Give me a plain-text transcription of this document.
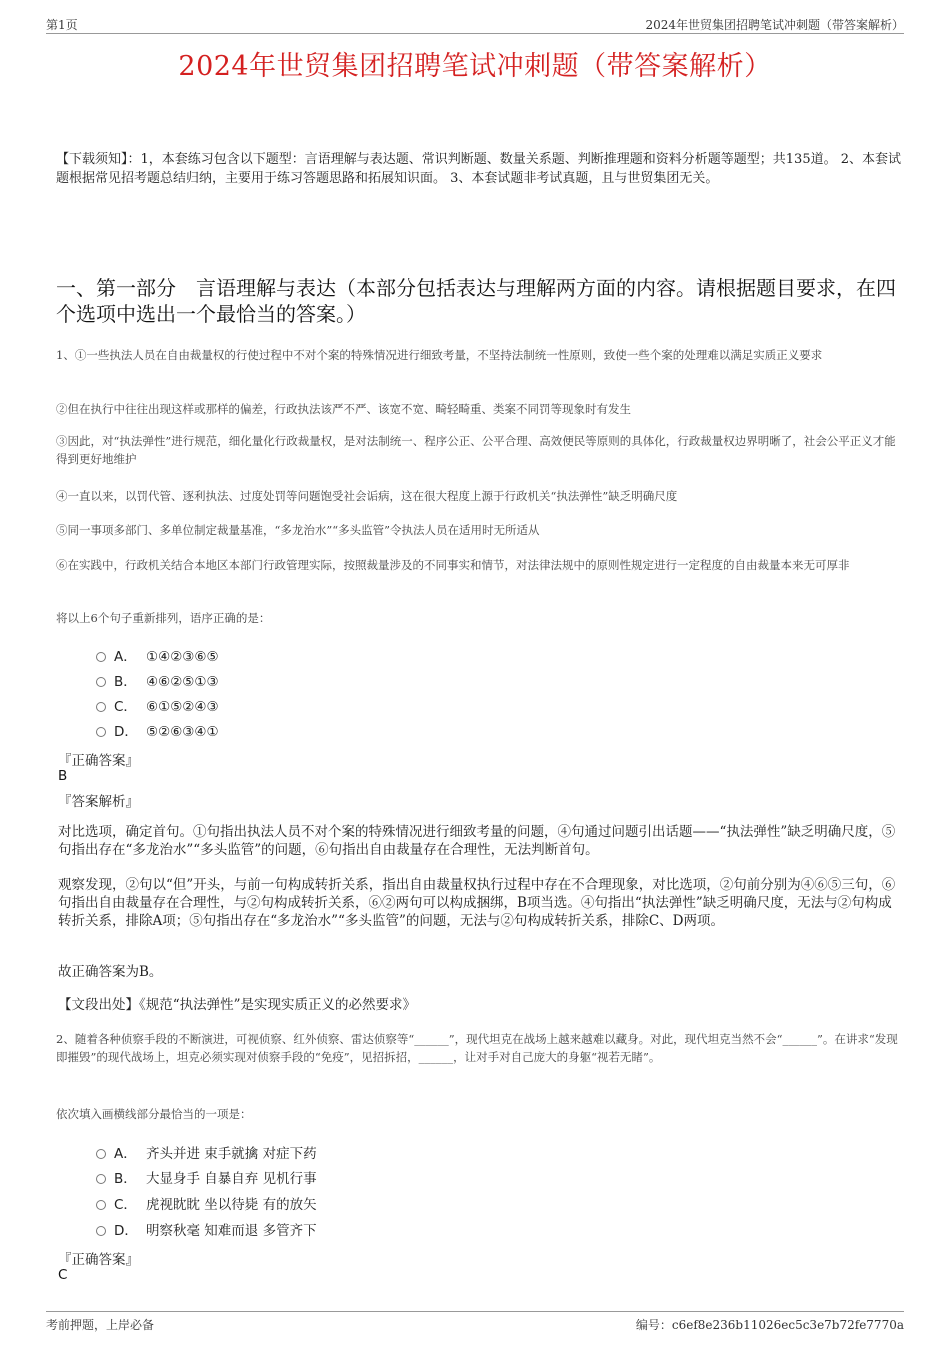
第1页	2024年世贸集团招聘笔试冲刺题（带答案解析）
2024年世贸集团招聘笔试冲刺题（带答案解析）
【下载须知】：1，本套练习包含以下题型：言语理解与表达题、常识判断题、数量关系题、判断推理题和资料分析题等题型；共135道。 2、本套试题根据常见招考题总结归纳，主要用于练习答题思路和拓展知识面。 3、本套试题非考试真题，且与世贸集团无关。
一、第一部分　言语理解与表达（本部分包括表达与理解两方面的内容。请根据题目要求，在四个选项中选出一个最恰当的答案。）
1、①一些执法人员在自由裁量权的行使过程中不对个案的特殊情况进行细致考量，不坚持法制统一性原则，致使一些个案的处理难以满足实质正义要求
②但在执行中往往出现这样或那样的偏差，行政执法该严不严、该宽不宽、畸轻畸重、类案不同罚等现象时有发生
③因此，对“执法弹性”进行规范，细化量化行政裁量权，是对法制统一、程序公正、公平合理、高效便民等原则的具体化，行政裁量权边界明晰了，社会公平正义才能得到更好地维护
④一直以来，以罚代管、逐利执法、过度处罚等问题饱受社会诟病，这在很大程度上源于行政机关“执法弹性”缺乏明确尺度
⑤同一事项多部门、多单位制定裁量基准，“多龙治水”“多头监管”令执法人员在适用时无所适从
⑥在实践中，行政机关结合本地区本部门行政管理实际，按照裁量涉及的不同事实和情节，对法律法规中的原则性规定进行一定程度的自由裁量本来无可厚非
将以上6个句子重新排列，语序正确的是：
A． ①④②③⑥⑤
B． ④⑥②⑤①③
C． ⑥①⑤②④③
D． ⑤②⑥③④①
『正确答案』
B
『答案解析』
对比选项，确定首句。①句指出执法人员不对个案的特殊情况进行细致考量的问题，④句通过问题引出话题——“执法弹性”缺乏明确尺度，⑤句指出存在“多龙治水”“多头监管”的问题，⑥句指出自由裁量存在合理性，无法判断首句。
观察发现，②句以“但”开头，与前一句构成转折关系，指出自由裁量权执行过程中存在不合理现象，对比选项，②句前分别为④⑥⑤三句，⑥句指出自由裁量存在合理性，与②句构成转折关系，⑥②两句可以构成捆绑，B项当选。④句指出“执法弹性”缺乏明确尺度，无法与②句构成转折关系，排除A项；⑤句指出存在“多龙治水”“多头监管”的问题，无法与②句构成转折关系，排除C、D两项。
故正确答案为B。
【文段出处】《规范“执法弹性”是实现实质正义的必然要求》
2、随着各种侦察手段的不断演进，可视侦察、红外侦察、雷达侦察等“______”，现代坦克在战场上越来越难以藏身。对此，现代坦克当然不会“______”。在讲求“发现即摧毁”的现代战场上，坦克必须实现对侦察手段的“免疫”，见招拆招，______，让对手对自己庞大的身躯“视若无睹”。
依次填入画横线部分最恰当的一项是：
A． 齐头并进 束手就擒 对症下药
B． 大显身手 自暴自弃 见机行事
C． 虎视眈眈 坐以待毙 有的放矢
D． 明察秋毫 知难而退 多管齐下
『正确答案』
C
考前押题，上岸必备	编号：c6ef8e236b11026ec5c3e7b72fe7770a
